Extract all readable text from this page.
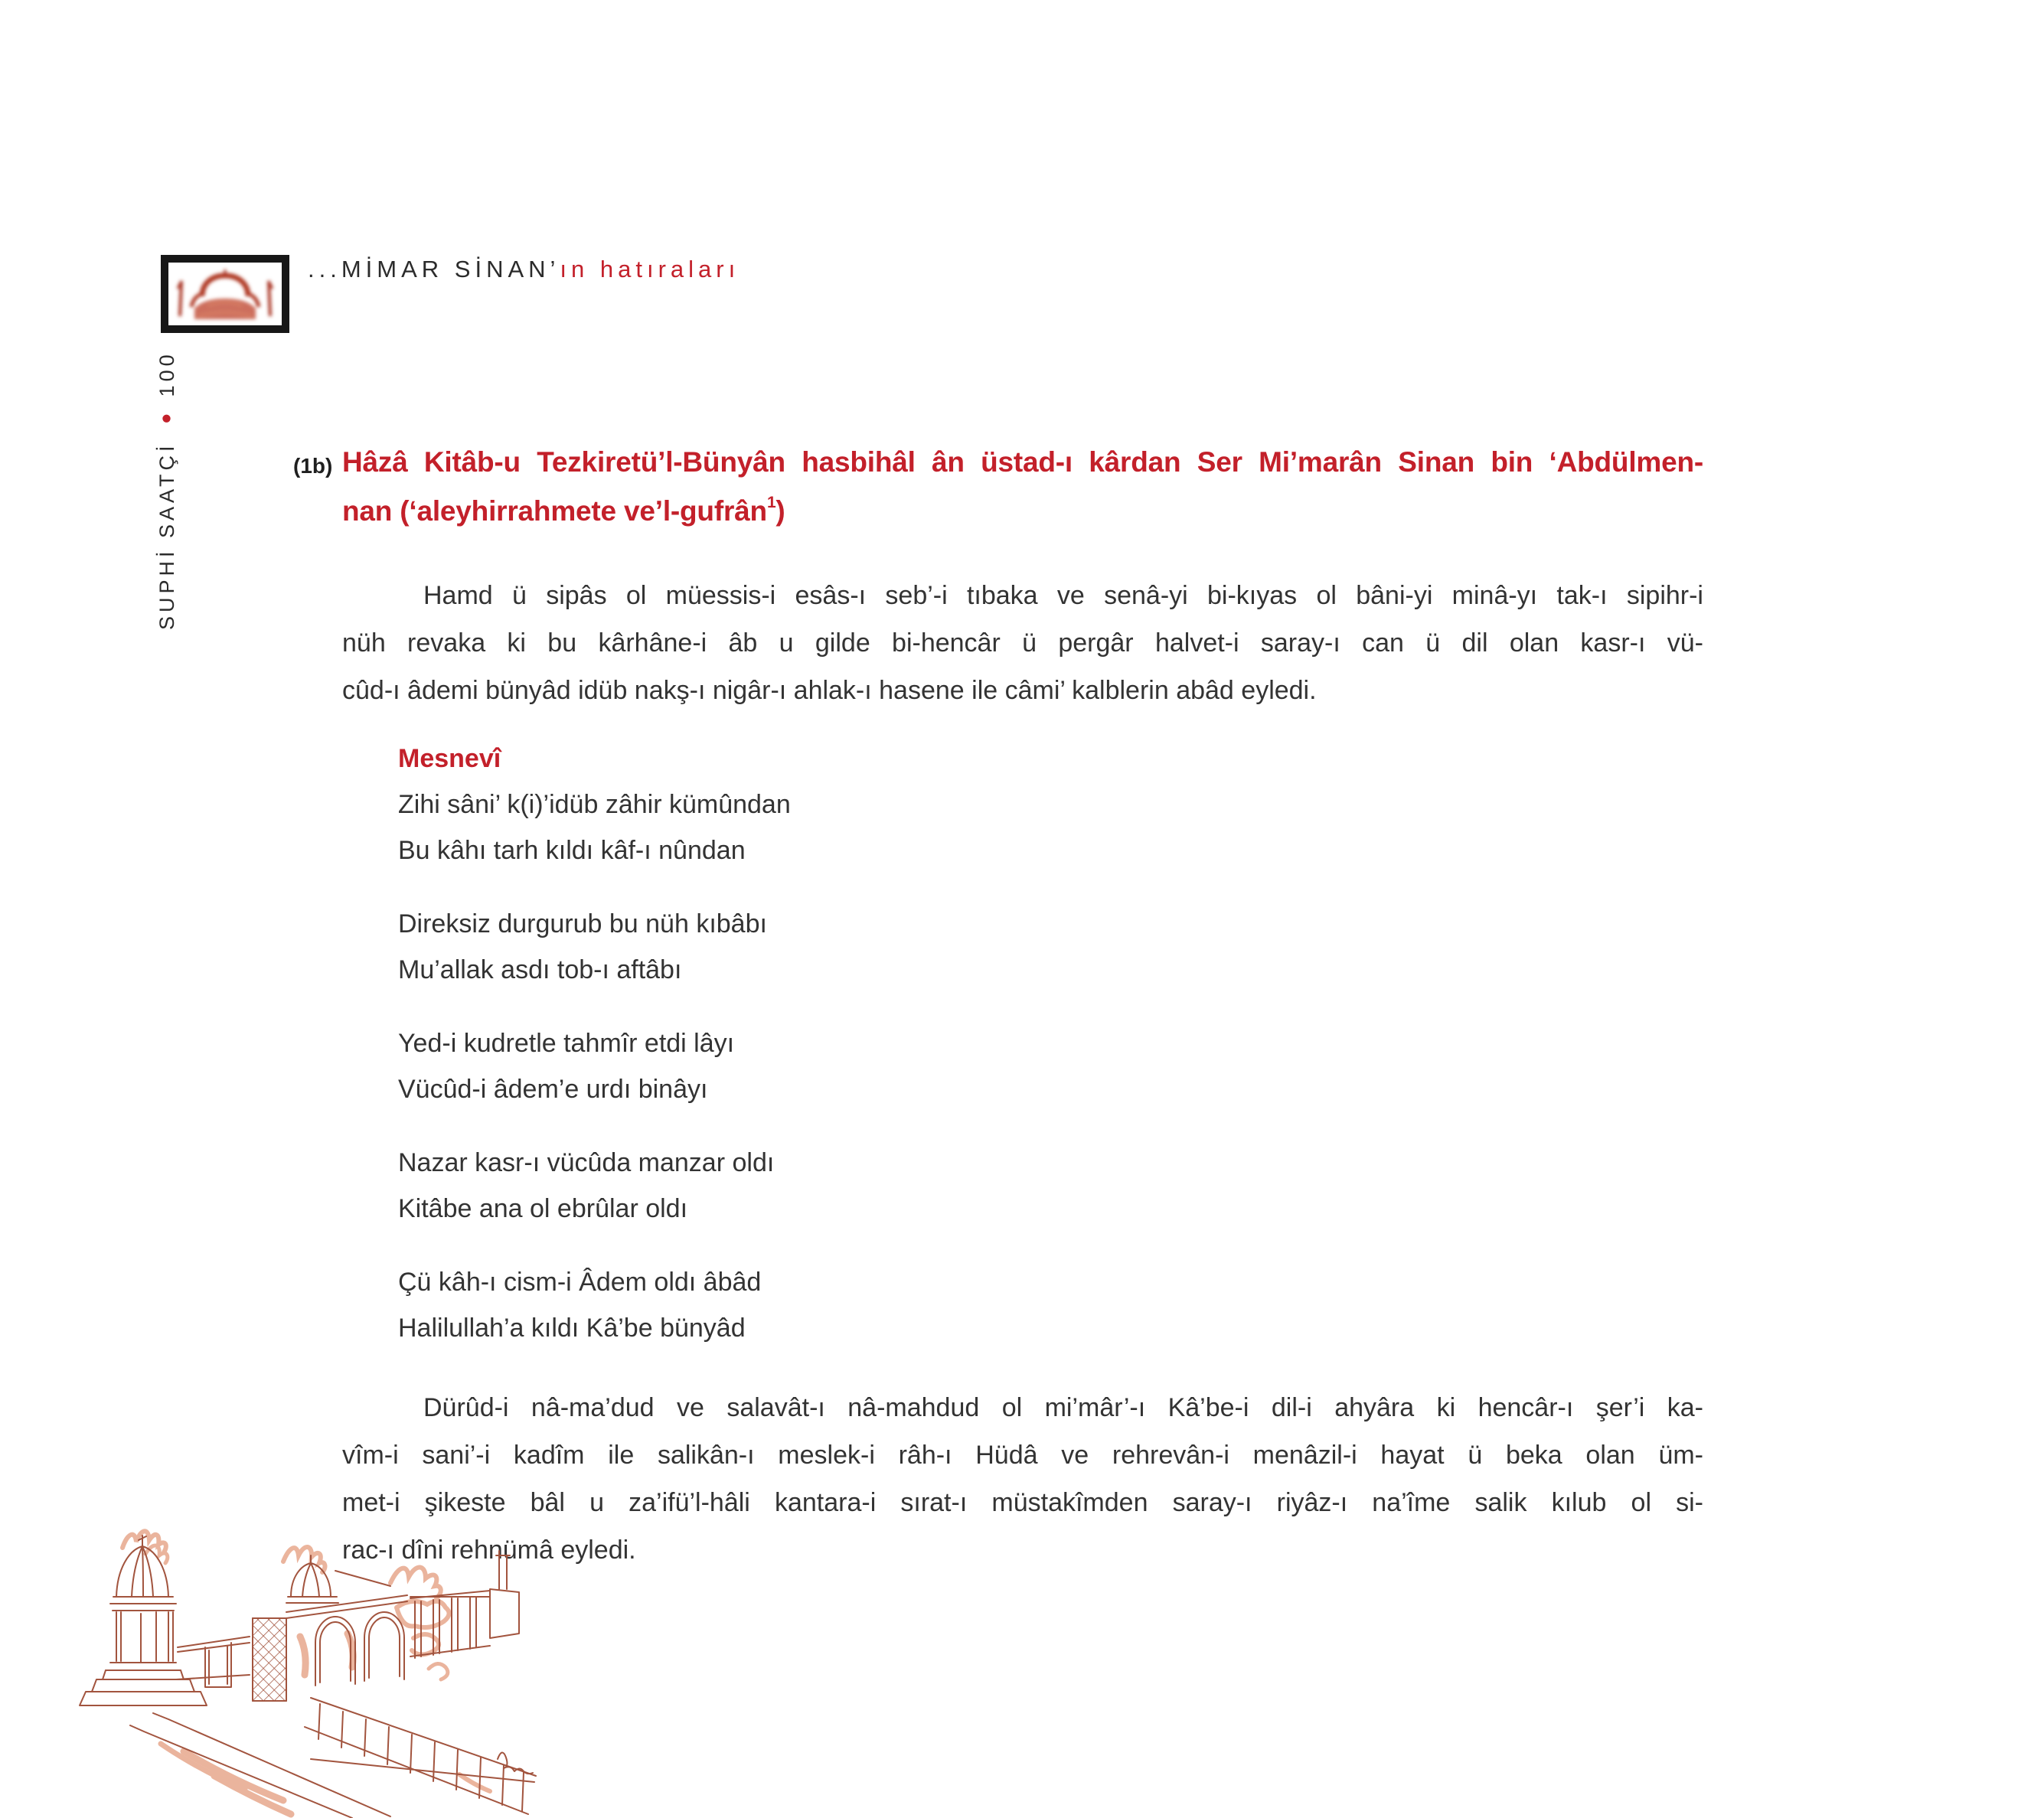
...MİMAR SİNAN’ın hatıraları
SUPHİ SAATÇİ●100
(1b) Hâzâ Kitâb-u Tezkiretü’l-Bünyân hasbihâl ân üstad-ı kârdan Ser Mi’marân Sinan bin ‘Abdülmen-
nan (‘aleyhirrahmete ve’l-gufrân$^1$)
Hamd ü sipâs ol müessis-i esâs-ı seb’-i tıbaka ve senâ-yi bi-kıyas ol bâni-yi minâ-yı tak-ı sipihr-i
nüh revaka ki bu kârhâne-i âb u gilde bi-hencâr ü pergâr halvet-i saray-ı can ü dil olan kasr-ı vü-
cûd-ı âdemi bünyâd idüb nakş-ı nigâr-ı ahlak-ı hasene ile câmi’ kalblerin abâd eyledi.
Mesnevî
Zihi sâni’ k(i)’idüb zâhir kümûndan
Bu kâhı tarh kıldı kâf-ı nûndan
Direksiz durgurub bu nüh kıbâbı
Mu’allak asdı tob-ı aftâbı
Yed-i kudretle tahmîr etdi lâyı
Vücûd-i âdem’e urdı binâyı
Nazar kasr-ı vücûda manzar oldı
Kitâbe ana ol ebrûlar oldı
Çü kâh-ı cism-i Âdem oldı âbâd
Halilullah’a kıldı Kâ’be bünyâd
Dürûd-i nâ-ma’dud ve salavât-ı nâ-mahdud ol mi’mâr’-ı Kâ’be-i dil-i ahyâra ki hencâr-ı şer’i ka-
vîm-i sani’-i kadîm ile salikân-ı meslek-i râh-ı Hüdâ ve rehrevân-i menâzil-i hayat ü beka olan üm-
met-i şikeste bâl u za’ifü’l-hâli kantara-i sırat-ı müstakîmden saray-ı riyâz-ı na’îme salik kılub ol si-
rac-ı dîni rehnümâ eyledi.
